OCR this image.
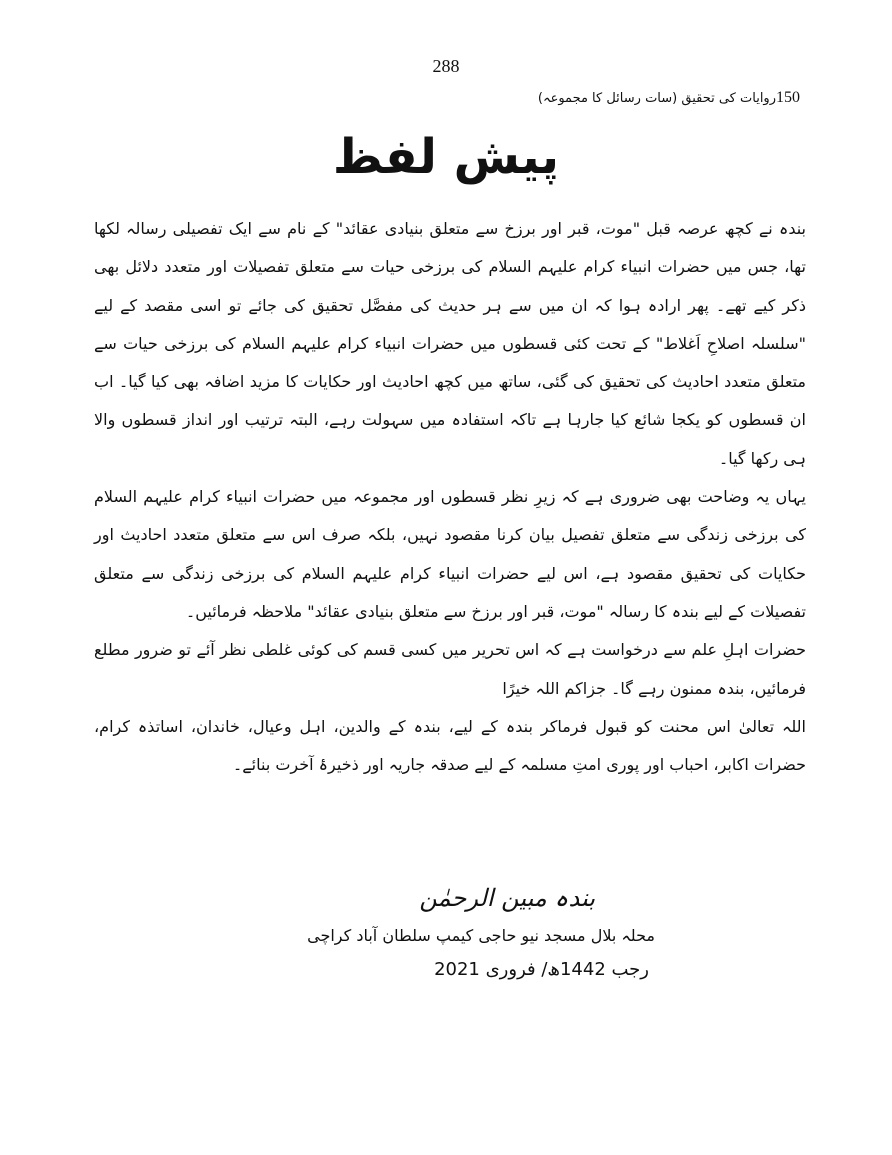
288
150روایات کی تحقیق (سات رسائل کا مجموعہ)
پیش لفظ

بندہ نے کچھ عرصہ قبل "موت، قبر اور برزخ سے متعلق بنیادی عقائد" کے نام سے ایک تفصیلی رسالہ لکھا تھا، جس میں حضرات انبیاء کرام علیہم السلام کی برزخی حیات سے متعلق تفصیلات اور متعدد دلائل بھی ذکر کیے تھے۔ پھر ارادہ ہوا کہ ان میں سے ہر حدیث کی مفصَّل تحقیق کی جائے تو اسی مقصد کے لیے "سلسلہ اصلاحِ اَغلاط" کے تحت کئی قسطوں میں حضرات انبیاء کرام علیہم السلام کی برزخی حیات سے متعلق متعدد احادیث کی تحقیق کی گئی، ساتھ میں کچھ احادیث اور حکایات کا مزید اضافہ بھی کیا گیا۔ اب ان قسطوں کو یکجا شائع کیا جارہا ہے تاکہ استفادہ میں سہولت رہے، البتہ ترتیب اور انداز قسطوں والا ہی رکھا گیا۔

یہاں یہ وضاحت بھی ضروری ہے کہ زیرِ نظر قسطوں اور مجموعہ میں حضرات انبیاء کرام علیہم السلام کی برزخی زندگی سے متعلق تفصیل بیان کرنا مقصود نہیں، بلکہ صرف اس سے متعلق متعدد احادیث اور حکایات کی تحقیق مقصود ہے، اس لیے حضرات انبیاء کرام علیہم السلام کی برزخی زندگی سے متعلق تفصیلات کے لیے بندہ کا رسالہ "موت، قبر اور برزخ سے متعلق بنیادی عقائد" ملاحظہ فرمائیں۔

حضرات اہلِ علم سے درخواست ہے کہ اس تحریر میں کسی قسم کی کوئی غلطی نظر آئے تو ضرور مطلع فرمائیں، بندہ ممنون رہے گا۔ جزاکم اللہ خیرًا

اللہ تعالیٰ اس محنت کو قبول فرماکر بندہ کے لیے، بندہ کے والدین، اہل وعیال، خاندان، اساتذہ کرام، حضرات اکابر، احباب اور پوری امتِ مسلمہ کے لیے صدقہ جاریہ اور ذخیرۂ آخرت بنائے۔

بندہ مبین الرحمٰن
محلہ بلال مسجد نیو حاجی کیمپ سلطان آباد کراچی
رجب 1442ھ/ فروری 2021
